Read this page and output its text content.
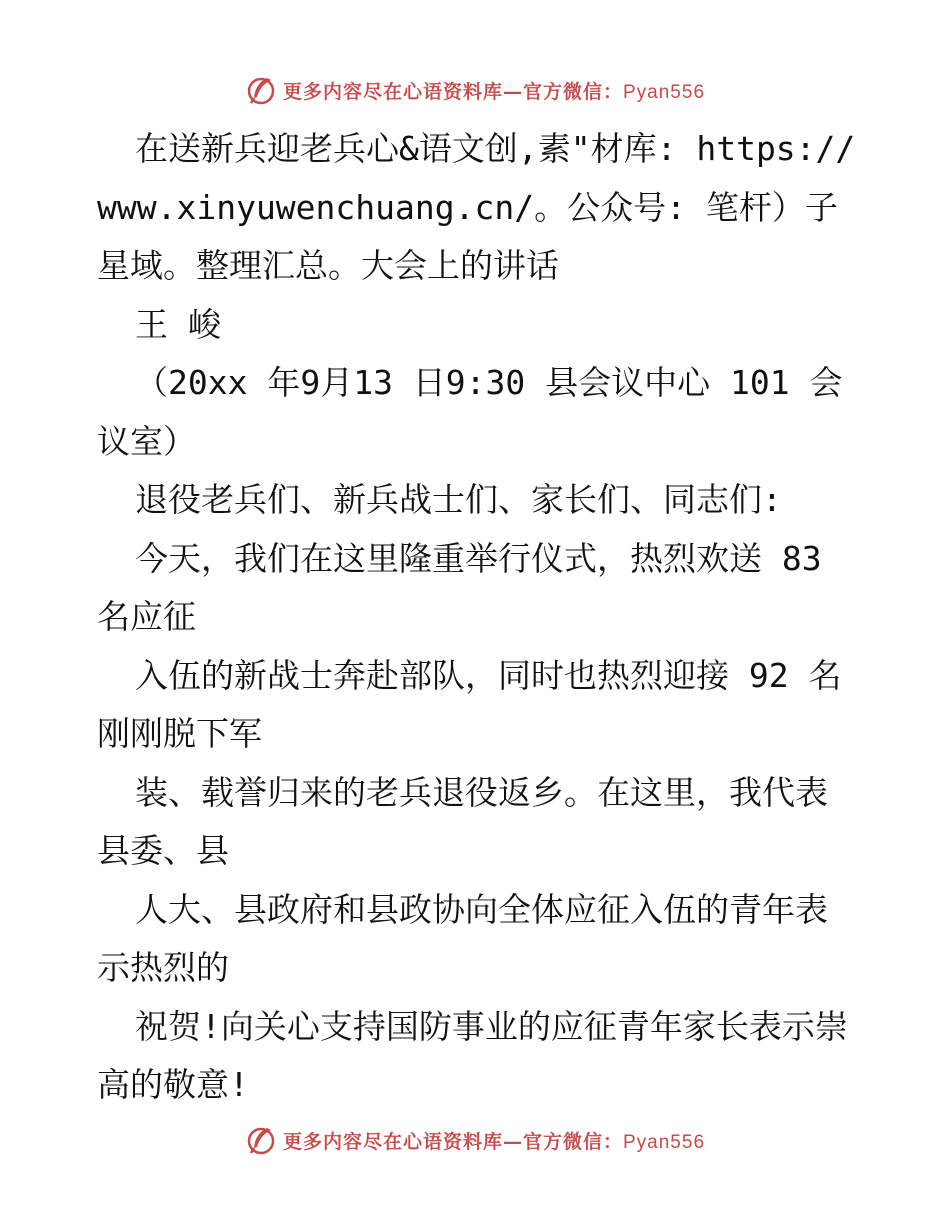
更多内容尽在心语资料库—官方微信：Pyan556

在送新兵迎老兵心&语文创,素"材库: https://www.xinyuwenchuang.cn/。公众号: 笔杆）子星域。整理汇总。大会上的讲话

王 峻

（20xx 年9月13 日9:30 县会议中心 101 会议室）

退役老兵们、新兵战士们、家长们、同志们:

今天，我们在这里隆重举行仪式，热烈欢送 83 名应征

入伍的新战士奔赴部队，同时也热烈迎接 92 名刚刚脱下军

装、载誉归来的老兵退役返乡。在这里，我代表县委、县

人大、县政府和县政协向全体应征入伍的青年表示热烈的

祝贺!向关心支持国防事业的应征青年家长表示崇高的敬意!

更多内容尽在心语资料库—官方微信：Pyan556
